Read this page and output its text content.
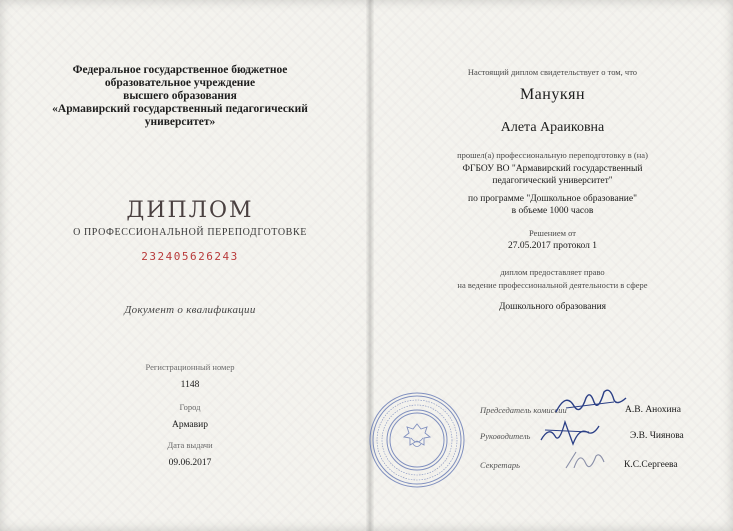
Федеральное государственное бюджетное
образовательное учреждение
высшего образования
«Армавирский государственный педагогический
университет»
ДИПЛОМ
О ПРОФЕССИОНАЛЬНОЙ ПЕРЕПОДГОТОВКЕ
232405626243
Документ о квалификации
Регистрационный номер
1148
Город
Армавир
Дата выдачи
09.06.2017
Настоящий диплом свидетельствует о том, что
Манукян
Алета Араиковна
прошел(а) профессиональную переподготовку в (на)
ФГБОУ ВО "Армавирский государственный
педагогический университет"
по программе "Дошкольное образование"
в объеме 1000 часов
Решением от
27.05.2017 протокол 1
диплом предоставляет право
на ведение профессиональной деятельности в сфере
Дошкольного образования
Председатель комиссии	А.В. Анохина
Руководитель	Э.В. Чиянова
Секретарь	К.С.Сергеева
